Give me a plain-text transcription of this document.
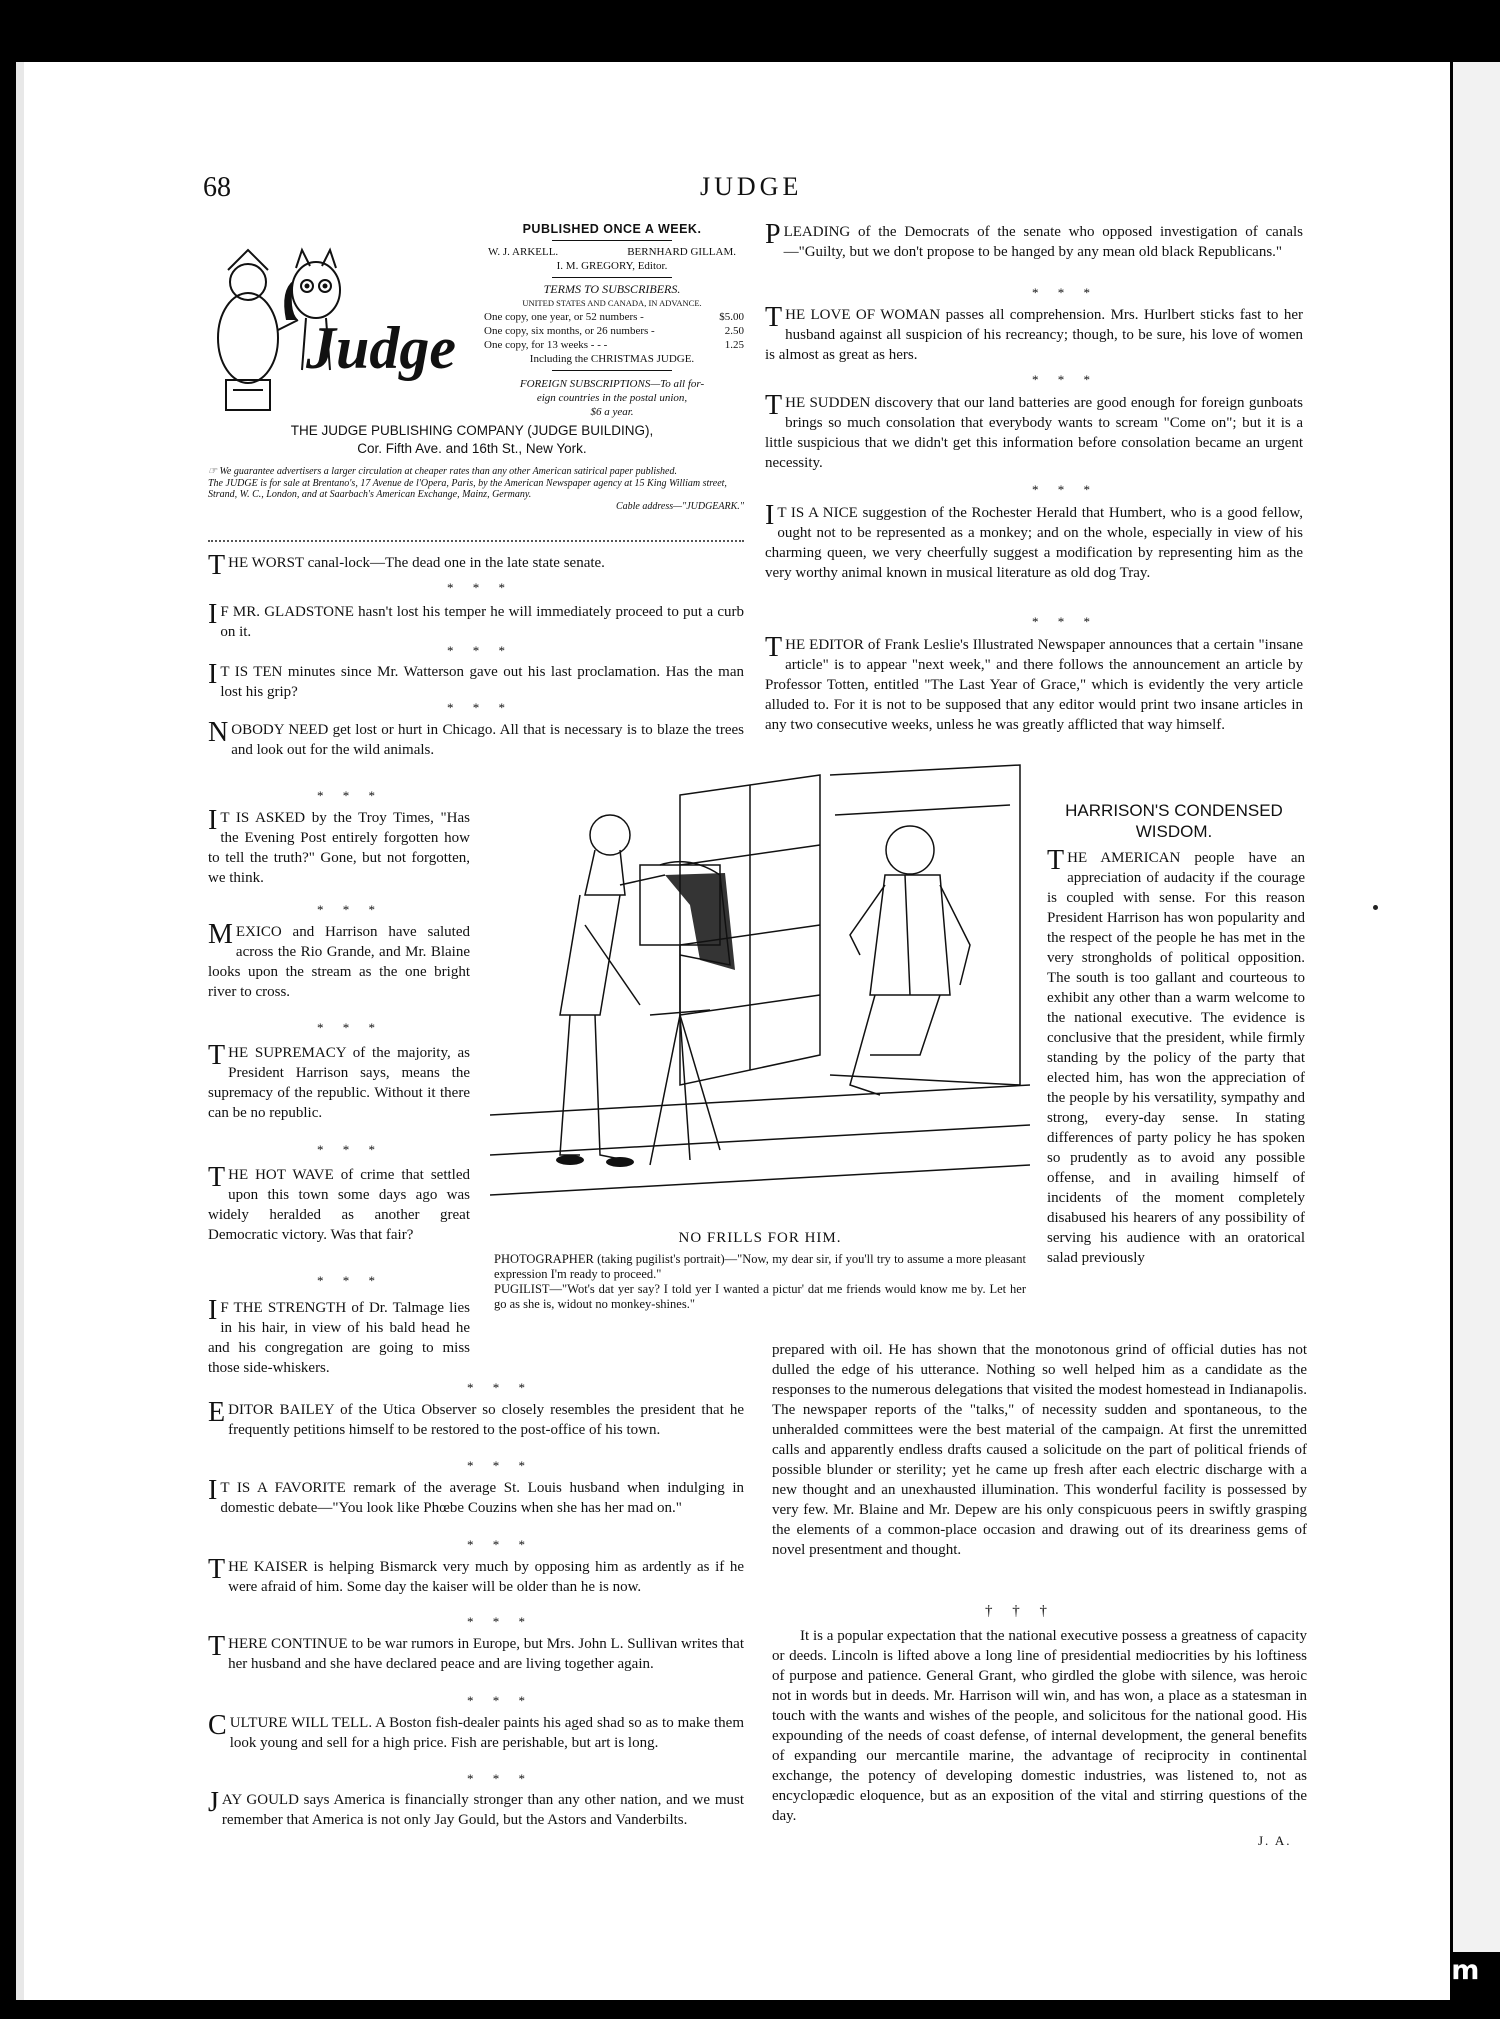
68	JUDGE
Judge
PUBLISHED ONCE A WEEK.
W. J. ARKELL.	BERNHARD GILLAM.
I. M. GREGORY, Editor.
TERMS TO SUBSCRIBERS.
UNITED STATES AND CANADA, IN ADVANCE.
One copy, one year, or 52 numbers -	$5.00
One copy, six months, or 26 numbers -	2.50
One copy, for 13 weeks - - -	1.25
Including the CHRISTMAS JUDGE.
FOREIGN SUBSCRIPTIONS—To all for-
eign countries in the postal union,
$6 a year.
THE JUDGE PUBLISHING COMPANY (JUDGE BUILDING),
Cor. Fifth Ave. and 16th St., New York.
☞ We guarantee advertisers a larger circulation at cheaper rates than any other American satirical paper published.
The JUDGE is for sale at Brentano's, 17 Avenue de l'Opera, Paris, by the American Newspaper agency at 15 King William street, Strand, W. C., London, and at Saarbach's American Exchange, Mainz, Germany.
Cable address—"JUDGEARK."
THE WORST canal-lock—The dead one in the late state senate.
* * *
I F MR. GLADSTONE hasn't lost his temper he will immediately proceed to put a curb on it.
* * *
I T IS TEN minutes since Mr. Watterson gave out his last proclamation. Has the man lost his grip?
* * *
NOBODY NEED get lost or hurt in Chicago. All that is necessary is to blaze the trees and look out for the wild animals.
* * *
I T IS ASKED by the Troy Times, "Has the Evening Post entirely forgotten how to tell the truth?" Gone, but not forgotten, we think.
* * *
MEXICO and Harrison have saluted across the Rio Grande, and Mr. Blaine looks upon the stream as the one bright river to cross.
* * *
THE SUPREMACY of the majority, as President Harrison says, means the supremacy of the republic. Without it there can be no republic.
* * *
THE HOT WAVE of crime that settled upon this town some days ago was widely heralded as another great Democratic victory. Was that fair?
* * *
I F THE STRENGTH of Dr. Talmage lies in his hair, in view of his bald head he and his congregation are going to miss those side-whiskers.
* * *
EDITOR BAILEY of the Utica Observer so closely resembles the president that he frequently petitions himself to be restored to the post-office of his town.
* * *
I T IS A FAVORITE remark of the average St. Louis husband when indulging in domestic debate—"You look like Phœbe Couzins when she has her mad on."
* * *
THE KAISER is helping Bismarck very much by opposing him as ardently as if he were afraid of him. Some day the kaiser will be older than he is now.
* * *
THERE CONTINUE to be war rumors in Europe, but Mrs. John L. Sullivan writes that her husband and she have declared peace and are living together again.
* * *
CULTURE WILL TELL. A Boston fish-dealer paints his aged shad so as to make them look young and sell for a high price. Fish are perishable, but art is long.
* * *
JAY GOULD says America is financially stronger than any other nation, and we must remember that America is not only Jay Gould, but the Astors and Vanderbilts.
PLEADING of the Democrats of the senate who opposed investigation of canals—"Guilty, but we don't propose to be hanged by any mean old black Republicans."
* * *
THE LOVE OF WOMAN passes all comprehension. Mrs. Hurlbert sticks fast to her husband against all suspicion of his recreancy; though, to be sure, his love of women is almost as great as hers.
* * *
THE SUDDEN discovery that our land batteries are good enough for foreign gunboats brings so much consolation that everybody wants to scream "Come on"; but it is a little suspicious that we didn't get this information before consolation became an urgent necessity.
* * *
I T IS A NICE suggestion of the Rochester Herald that Humbert, who is a good fellow, ought not to be represented as a monkey; and on the whole, especially in view of his charming queen, we very cheerfully suggest a modification by representing him as the very worthy animal known in musical literature as old dog Tray.
* * *
THE EDITOR of Frank Leslie's Illustrated Newspaper announces that a certain "insane article" is to appear "next week," and there follows the announcement an article by Professor Totten, entitled "The Last Year of Grace," which is evidently the very article alluded to. For it is not to be supposed that any editor would print two insane articles in any two consecutive weeks, unless he was greatly afflicted that way himself.
NO FRILLS FOR HIM.
PHOTOGRAPHER (taking pugilist's portrait)—"Now, my dear sir, if you'll try to assume a more pleasant expression I'm ready to proceed."
PUGILIST—"Wot's dat yer say? I told yer I wanted a pictur' dat me friends would know me by. Let her go as she is, widout no monkey-shines."
HARRISON'S CONDENSED
WISDOM.
THE AMERICAN people have an appreciation of audacity if the courage is coupled with sense. For this reason President Harrison has won popularity and the respect of the people he has met in the very strongholds of political opposition. The south is too gallant and courteous to exhibit any other than a warm welcome to the national executive. The evidence is conclusive that the president, while firmly standing by the policy of the party that elected him, has won the appreciation of the people by his versatility, sympathy and strong, every-day sense. In stating differences of party policy he has spoken so prudently as to avoid any possible offense, and in availing himself of incidents of the moment completely disabused his hearers of any possibility of serving his audience with an oratorical salad previously
prepared with oil. He has shown that the monotonous grind of official duties has not dulled the edge of his utterance. Nothing so well helped him as a candidate as the responses to the numerous delegations that visited the modest homestead in Indianapolis. The newspaper reports of the "talks," of necessity sudden and spontaneous, to the unheralded committees were the best material of the campaign. At first the unremitted calls and apparently endless drafts caused a solicitude on the part of political friends of possible blunder or sterility; yet he came up fresh after each electric discharge with a new thought and an unexhausted illumination. This wonderful facility is possessed by very few. Mr. Blaine and Mr. Depew are his only conspicuous peers in swiftly grasping the elements of a common-place occasion and drawing out of its dreariness gems of novel presentment and thought.
† † †
It is a popular expectation that the national executive possess a greatness of capacity or deeds. Lincoln is lifted above a long line of presidential mediocrities by his loftiness of purpose and patience. General Grant, who girdled the globe with silence, was heroic not in words but in deeds. Mr. Harrison will win, and has won, a place as a statesman in touch with the wants and wishes of the people, and solicitous for the national good. His expounding of the needs of coast defense, of internal development, the general benefits of expanding our mercantile marine, the advantage of reciprocity in continental exchange, the potency of developing domestic industries, was listened to, not as encyclopædic eloquence, but as an exposition of the vital and stirring questions of the day.
J. A.
comicbooks.com
